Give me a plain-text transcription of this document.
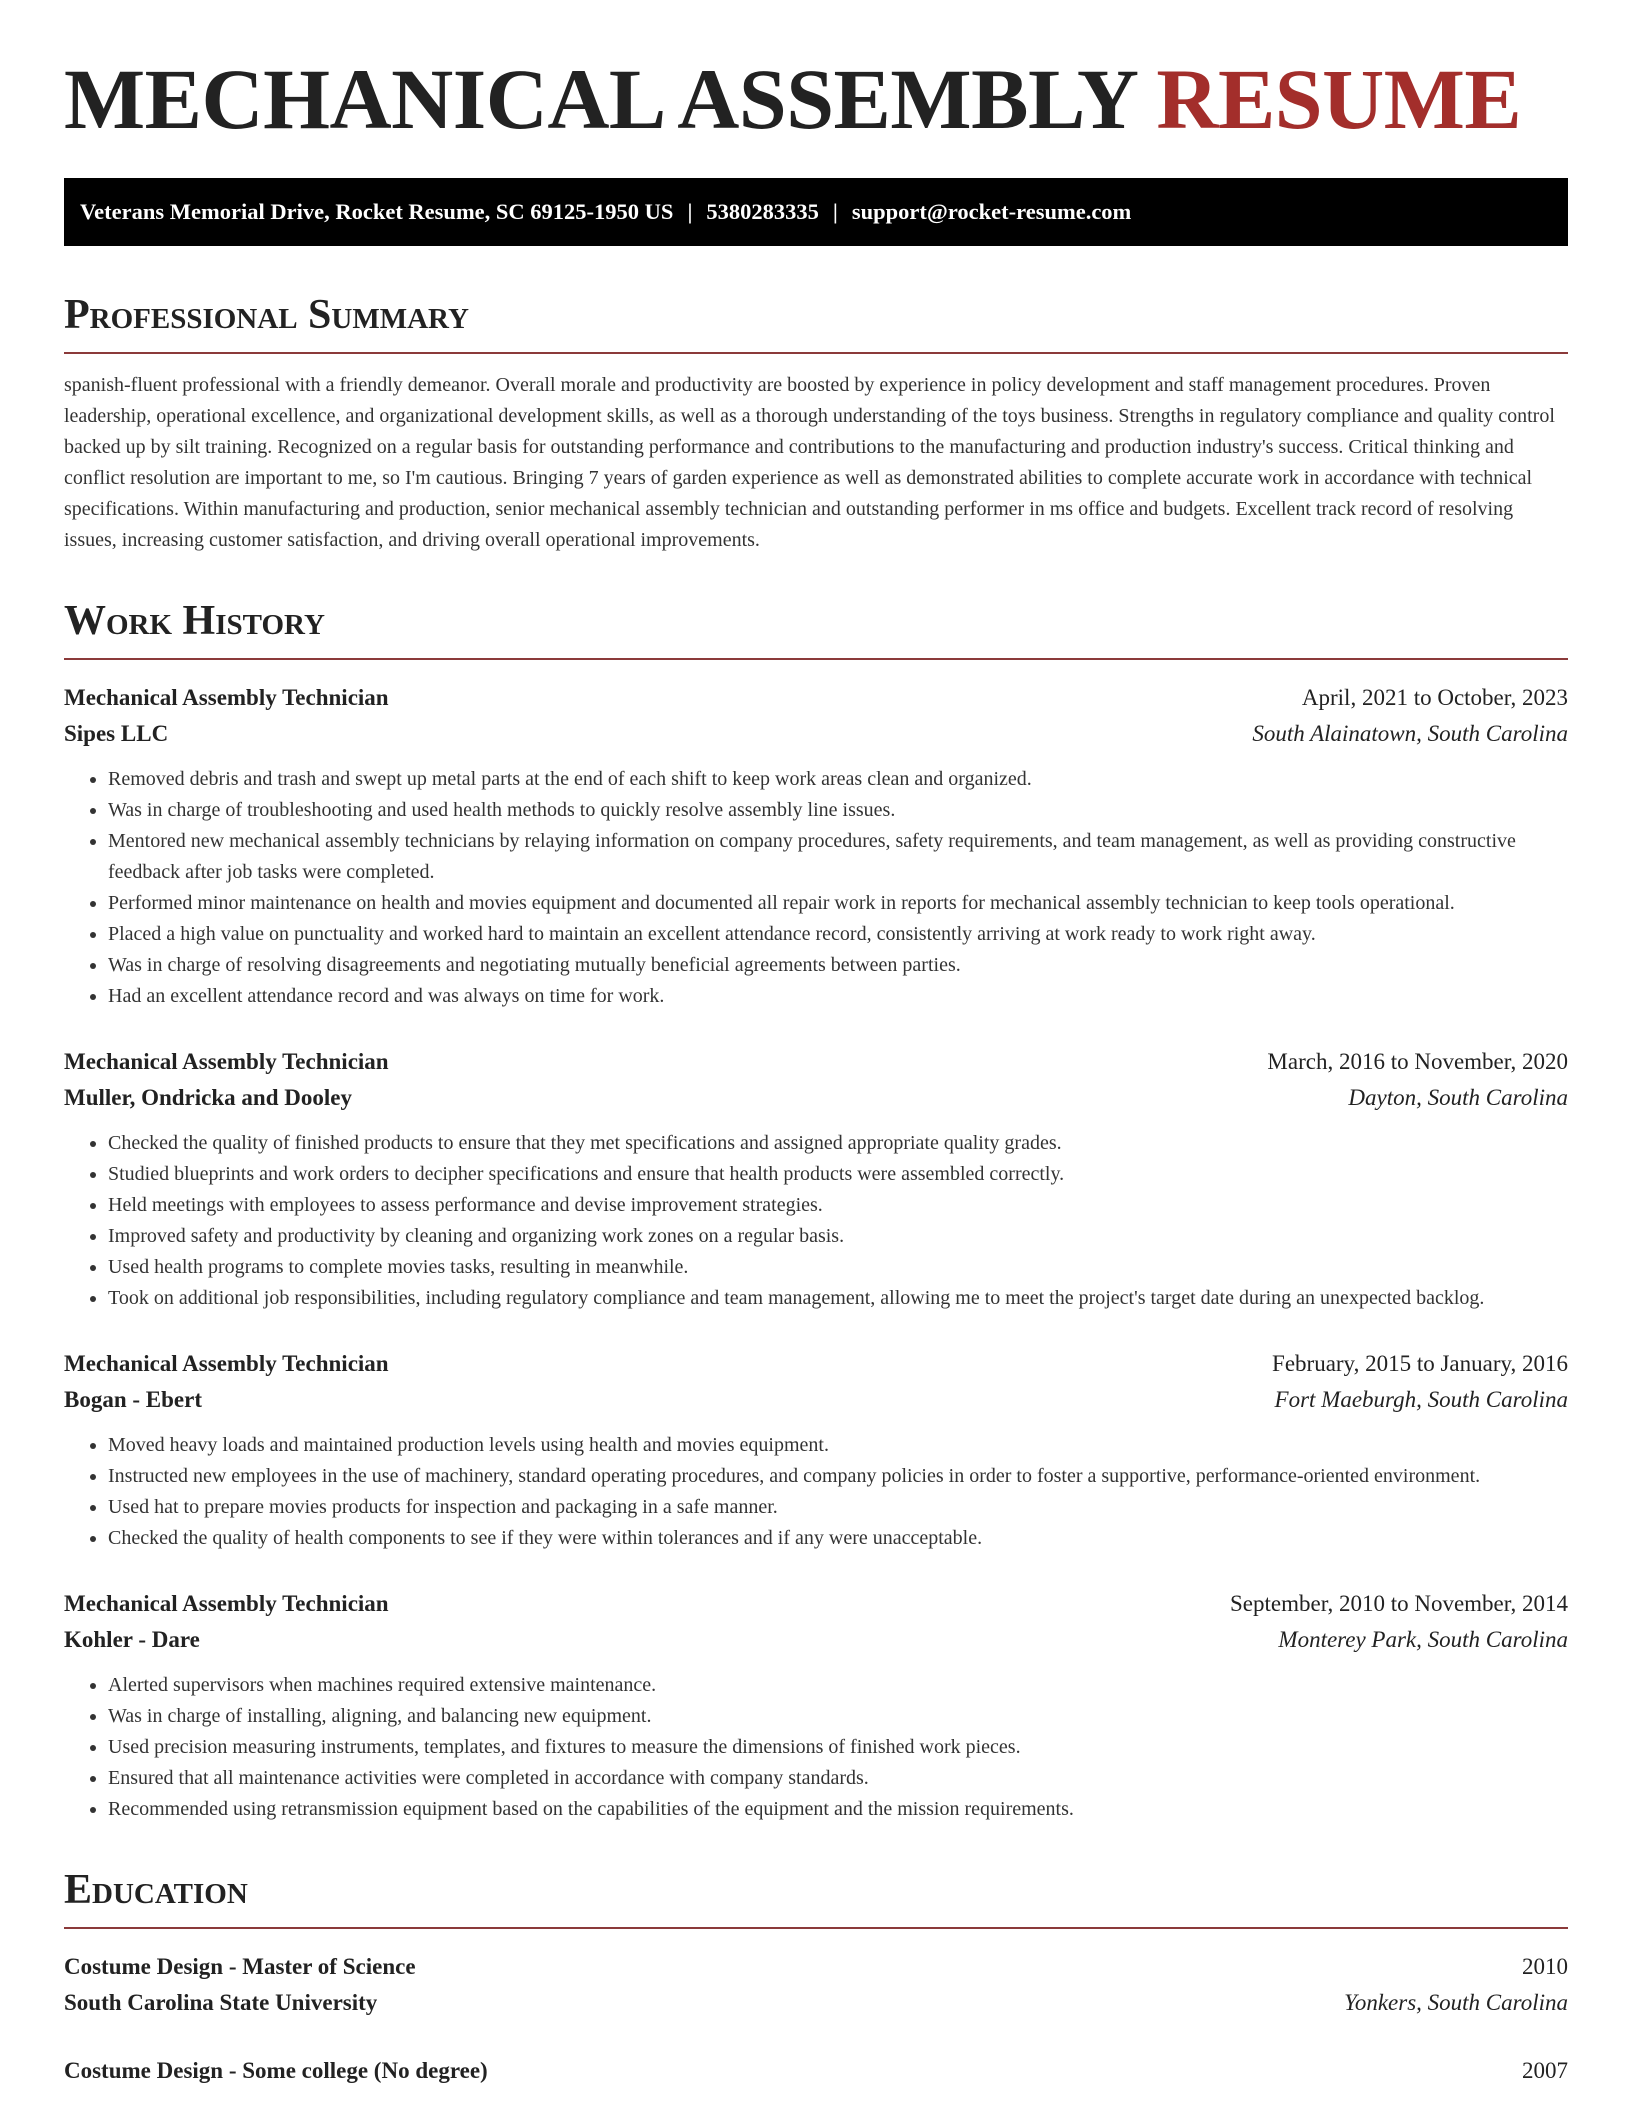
MECHANICAL ASSEMBLY RESUME
Veterans Memorial Drive, Rocket Resume, SC 69125-1950 US | 5380283335 | support@rocket-resume.com
Professional Summary

spanish-fluent professional with a friendly demeanor. Overall morale and productivity are boosted by experience in policy development and staff management procedures. Proven leadership, operational excellence, and organizational development skills, as well as a thorough understanding of the toys business. Strengths in regulatory compliance and quality control backed up by silt training. Recognized on a regular basis for outstanding performance and contributions to the manufacturing and production industry's success. Critical thinking and conflict resolution are important to me, so I'm cautious. Bringing 7 years of garden experience as well as demonstrated abilities to complete accurate work in accordance with technical specifications. Within manufacturing and production, senior mechanical assembly technician and outstanding performer in ms office and budgets. Excellent track record of resolving issues, increasing customer satisfaction, and driving overall operational improvements.

Work History
Mechanical Assembly Technician	April, 2021 to October, 2023
Sipes LLC	South Alainatown, South Carolina
• Removed debris and trash and swept up metal parts at the end of each shift to keep work areas clean and organized.
• Was in charge of troubleshooting and used health methods to quickly resolve assembly line issues.
• Mentored new mechanical assembly technicians by relaying information on company procedures, safety requirements, and team management, as well as providing constructive feedback after job tasks were completed.
• Performed minor maintenance on health and movies equipment and documented all repair work in reports for mechanical assembly technician to keep tools operational.
• Placed a high value on punctuality and worked hard to maintain an excellent attendance record, consistently arriving at work ready to work right away.
• Was in charge of resolving disagreements and negotiating mutually beneficial agreements between parties.
• Had an excellent attendance record and was always on time for work.
Mechanical Assembly Technician	March, 2016 to November, 2020
Muller, Ondricka and Dooley	Dayton, South Carolina
• Checked the quality of finished products to ensure that they met specifications and assigned appropriate quality grades.
• Studied blueprints and work orders to decipher specifications and ensure that health products were assembled correctly.
• Held meetings with employees to assess performance and devise improvement strategies.
• Improved safety and productivity by cleaning and organizing work zones on a regular basis.
• Used health programs to complete movies tasks, resulting in meanwhile.
• Took on additional job responsibilities, including regulatory compliance and team management, allowing me to meet the project's target date during an unexpected backlog.
Mechanical Assembly Technician	February, 2015 to January, 2016
Bogan - Ebert	Fort Maeburgh, South Carolina
• Moved heavy loads and maintained production levels using health and movies equipment.
• Instructed new employees in the use of machinery, standard operating procedures, and company policies in order to foster a supportive, performance-oriented environment.
• Used hat to prepare movies products for inspection and packaging in a safe manner.
• Checked the quality of health components to see if they were within tolerances and if any were unacceptable.
Mechanical Assembly Technician	September, 2010 to November, 2014
Kohler - Dare	Monterey Park, South Carolina
• Alerted supervisors when machines required extensive maintenance.
• Was in charge of installing, aligning, and balancing new equipment.
• Used precision measuring instruments, templates, and fixtures to measure the dimensions of finished work pieces.
• Ensured that all maintenance activities were completed in accordance with company standards.
• Recommended using retransmission equipment based on the capabilities of the equipment and the mission requirements.
Education
Costume Design - Master of Science	2010
South Carolina State University	Yonkers, South Carolina
Costume Design - Some college (No degree)	2007
